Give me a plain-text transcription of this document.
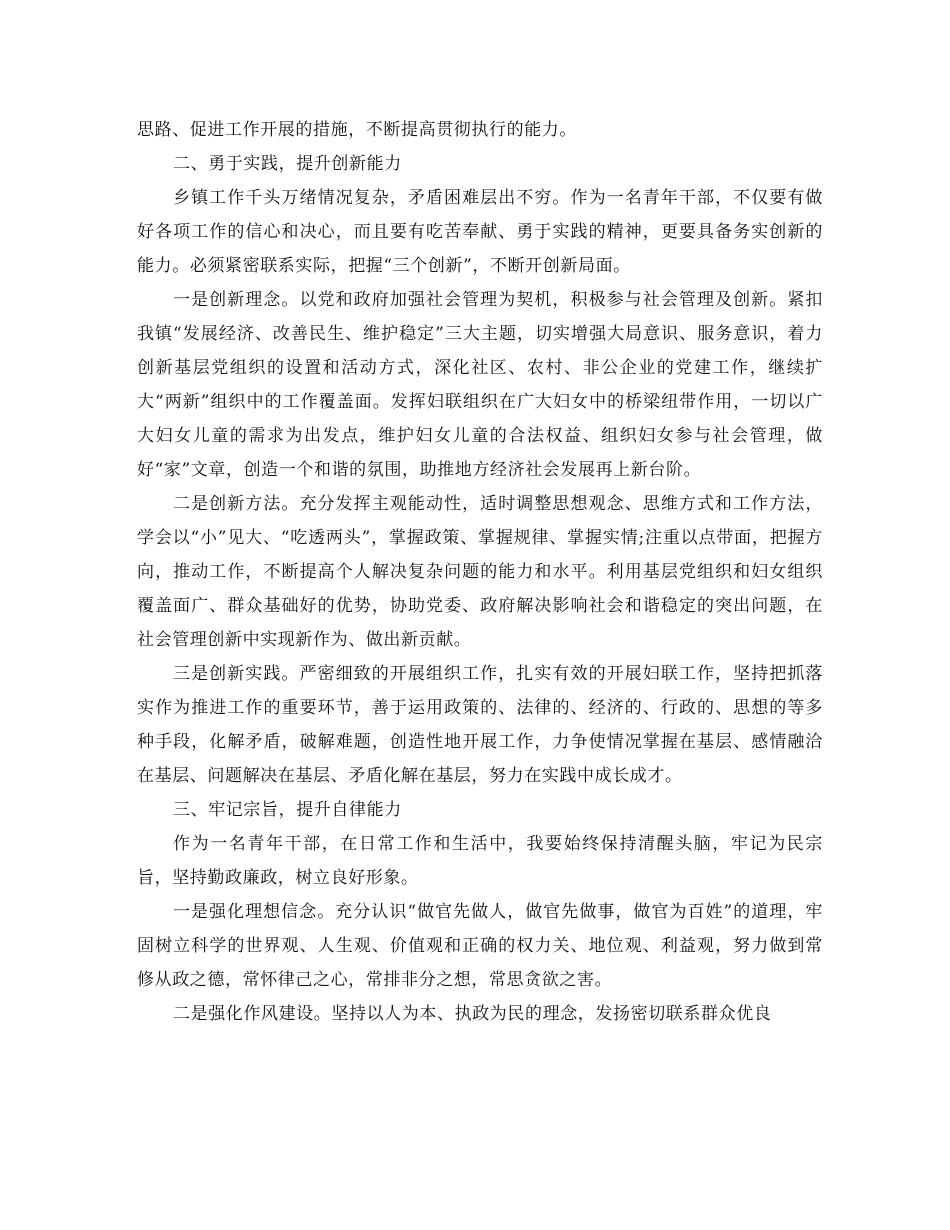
思路、促进工作开展的措施，不断提高贯彻执行的能力。

二、勇于实践，提升创新能力

乡镇工作千头万绪情况复杂，矛盾困难层出不穷。作为一名青年干部，不仅要有做好各项工作的信心和决心，而且要有吃苦奉献、勇于实践的精神，更要具备务实创新的能力。必须紧密联系实际，把握“三个创新”，不断开创新局面。

一是创新理念。以党和政府加强社会管理为契机，积极参与社会管理及创新。紧扣我镇“发展经济、改善民生、维护稳定”三大主题，切实增强大局意识、服务意识，着力创新基层党组织的设置和活动方式，深化社区、农村、非公企业的党建工作，继续扩大“两新”组织中的工作覆盖面。发挥妇联组织在广大妇女中的桥梁纽带作用，一切以广大妇女儿童的需求为出发点，维护妇女儿童的合法权益、组织妇女参与社会管理，做好“家”文章，创造一个和谐的氛围，助推地方经济社会发展再上新台阶。

二是创新方法。充分发挥主观能动性，适时调整思想观念、思维方式和工作方法，学会以“小”见大、“吃透两头”，掌握政策、掌握规律、掌握实情;注重以点带面，把握方向，推动工作，不断提高个人解决复杂问题的能力和水平。利用基层党组织和妇女组织覆盖面广、群众基础好的优势，协助党委、政府解决影响社会和谐稳定的突出问题，在社会管理创新中实现新作为、做出新贡献。

三是创新实践。严密细致的开展组织工作，扎实有效的开展妇联工作，坚持把抓落实作为推进工作的重要环节，善于运用政策的、法律的、经济的、行政的、思想的等多种手段，化解矛盾，破解难题，创造性地开展工作，力争使情况掌握在基层、感情融洽在基层、问题解决在基层、矛盾化解在基层，努力在实践中成长成才。

三、牢记宗旨，提升自律能力

作为一名青年干部，在日常工作和生活中，我要始终保持清醒头脑，牢记为民宗旨，坚持勤政廉政，树立良好形象。

一是强化理想信念。充分认识“做官先做人，做官先做事，做官为百姓”的道理，牢固树立科学的世界观、人生观、价值观和正确的权力关、地位观、利益观，努力做到常修从政之德，常怀律己之心，常排非分之想，常思贪欲之害。

二是强化作风建设。坚持以人为本、执政为民的理念，发扬密切联系群众优良
